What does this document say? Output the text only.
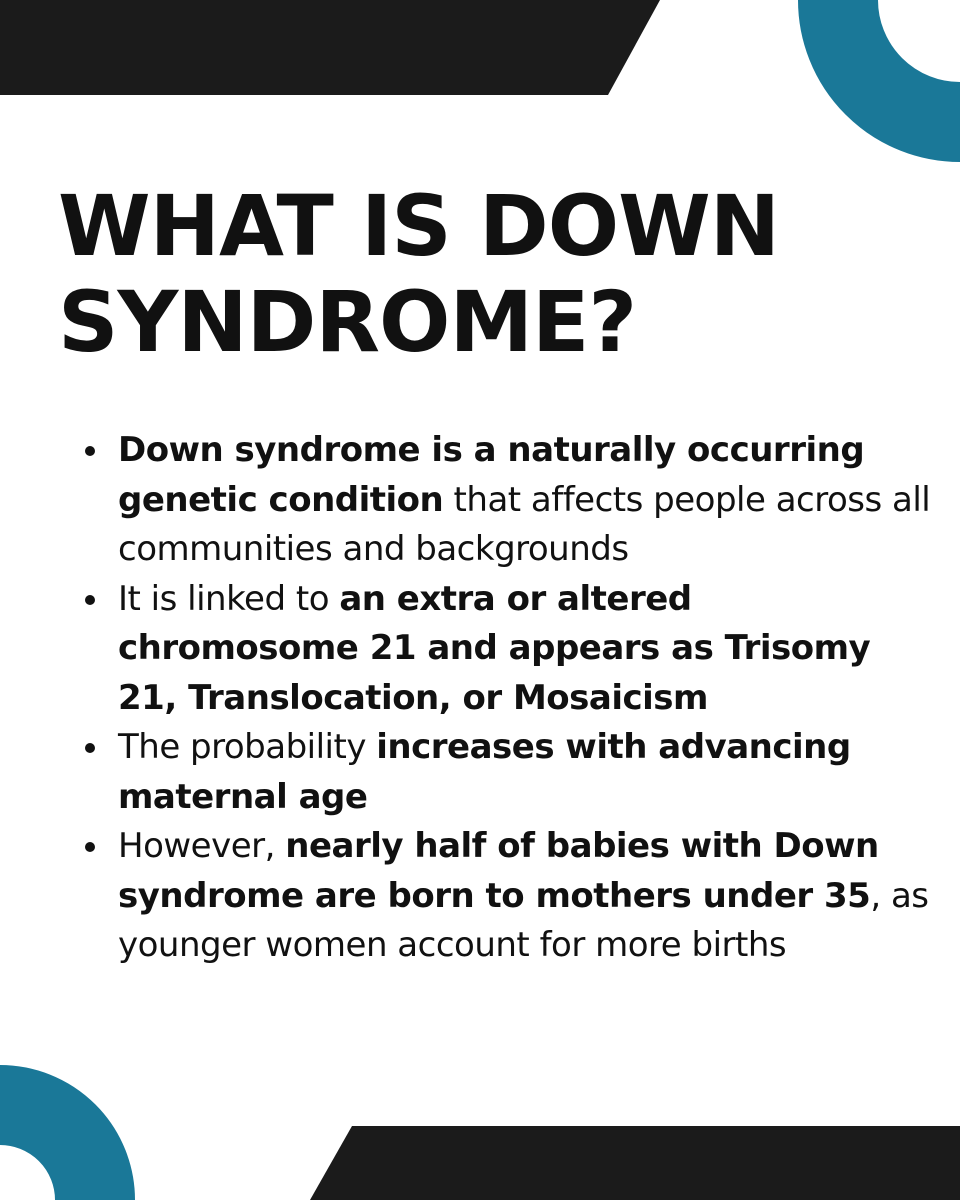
WHAT IS DOWN
SYNDROME?
Down syndrome is a naturally occurring genetic condition that affects people across all communities and backgrounds
It is linked to an extra or altered chromosome 21 and appears as Trisomy 21, Translocation, or Mosaicism
The probability increases with advancing maternal age
However, nearly half of babies with Down syndrome are born to mothers under 35, as younger women account for more births
